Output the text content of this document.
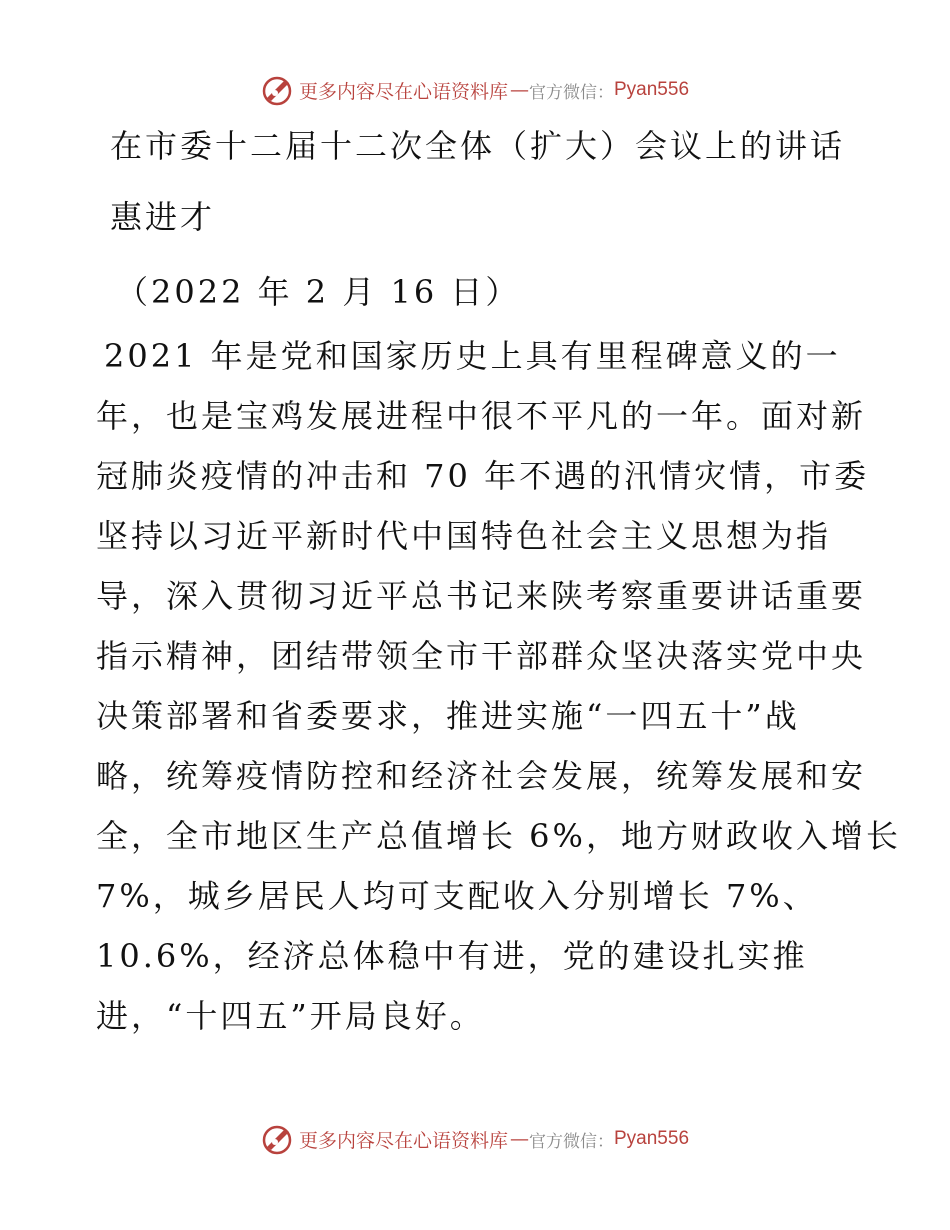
更多内容尽在心语资料库 — 官方微信： Pyan556
在市委十二届十二次全体（扩大）会议上的讲话
惠进才
（2022 年 2 月 16 日）
2021 年是党和国家历史上具有里程碑意义的一
年，也是宝鸡发展进程中很不平凡的一年。面对新
冠肺炎疫情的冲击和 70 年不遇的汛情灾情，市委
坚持以习近平新时代中国特色社会主义思想为指
导，深入贯彻习近平总书记来陕考察重要讲话重要
指示精神，团结带领全市干部群众坚决落实党中央
决策部署和省委要求，推进实施“一四五十”战
略，统筹疫情防控和经济社会发展，统筹发展和安
全，全市地区生产总值增长 6%，地方财政收入增长
7%，城乡居民人均可支配收入分别增长 7%、
10.6%，经济总体稳中有进，党的建设扎实推
进，“十四五”开局良好。
更多内容尽在心语资料库 — 官方微信： Pyan556
